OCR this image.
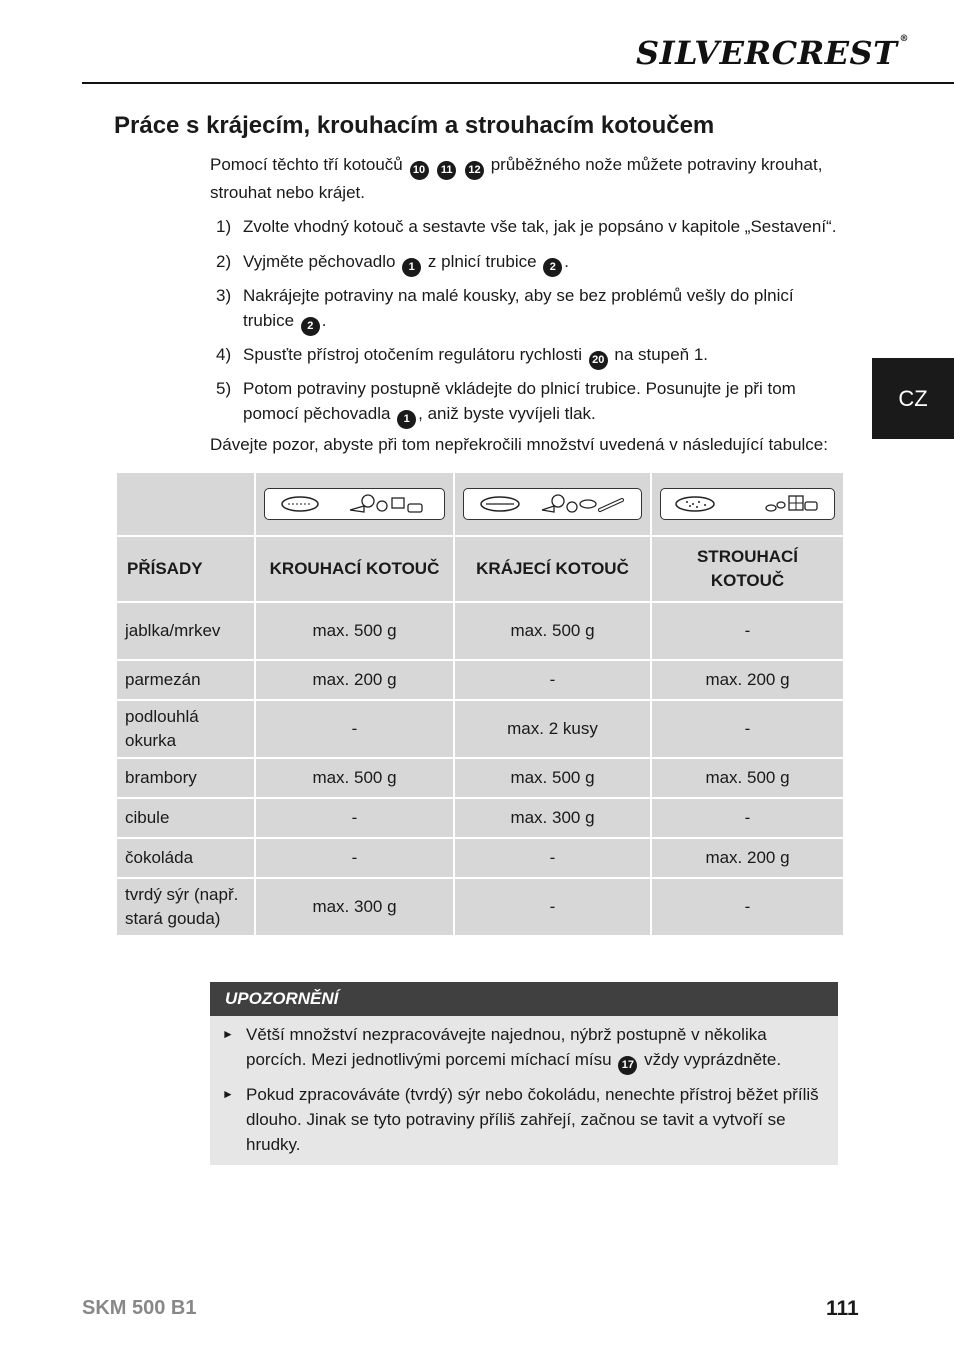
SILVERCREST ®
CZ
Práce s krájecím, krouhacím a strouhacím kotoučem

Pomocí těchto tří kotoučů 10 11 12 průběžného nože můžete potraviny krouhat, strouhat nebo krájet.

1) Zvolte vhodný kotouč a sestavte vše tak, jak je popsáno v kapitole „Sestavení“.
2) Vyjměte pěchovadlo 1 z plnicí trubice 2 .
3) Nakrájejte potraviny na malé kousky, aby se bez problémů vešly do plnicí trubice 2 .
4) Spusťte přístroj otočením regulátoru rychlosti 20 na stupeň 1.
5) Potom potraviny postupně vkládejte do plnicí trubice. Posunujte je při tom pomocí pěchovadla 1 , aniž byste vyvíjeli tlak.

Dávejte pozor, abyste při tom nepřekročili množství uvedená v následující tabulce:

PŘÍSADY	KROUHACÍ KOTOUČ	KRÁJECÍ KOTOUČ	STROUHACÍ KOTOUČ
jablka/mrkev	max. 500 g	max. 500 g	-
parmezán	max. 200 g	-	max. 200 g
podlouhlá okurka	-	max. 2 kusy	-
brambory	max. 500 g	max. 500 g	max. 500 g
cibule	-	max. 300 g	-
čokoláda	-	-	max. 200 g
tvrdý sýr (např. stará gouda)	max. 300 g	-	-
UPOZORNĚNÍ
► Větší množství nezpracovávejte najednou, nýbrž postupně v několika porcích. Mezi jednotlivými porcemi míchací mísu 17 vždy vyprázdněte.
► Pokud zpracováváte (tvrdý) sýr nebo čokoládu, nenechte přístroj běžet příliš dlouho. Jinak se tyto potraviny příliš zahřejí, začnou se tavit a vytvoří se hrudky.
SKM 500 B1	111
